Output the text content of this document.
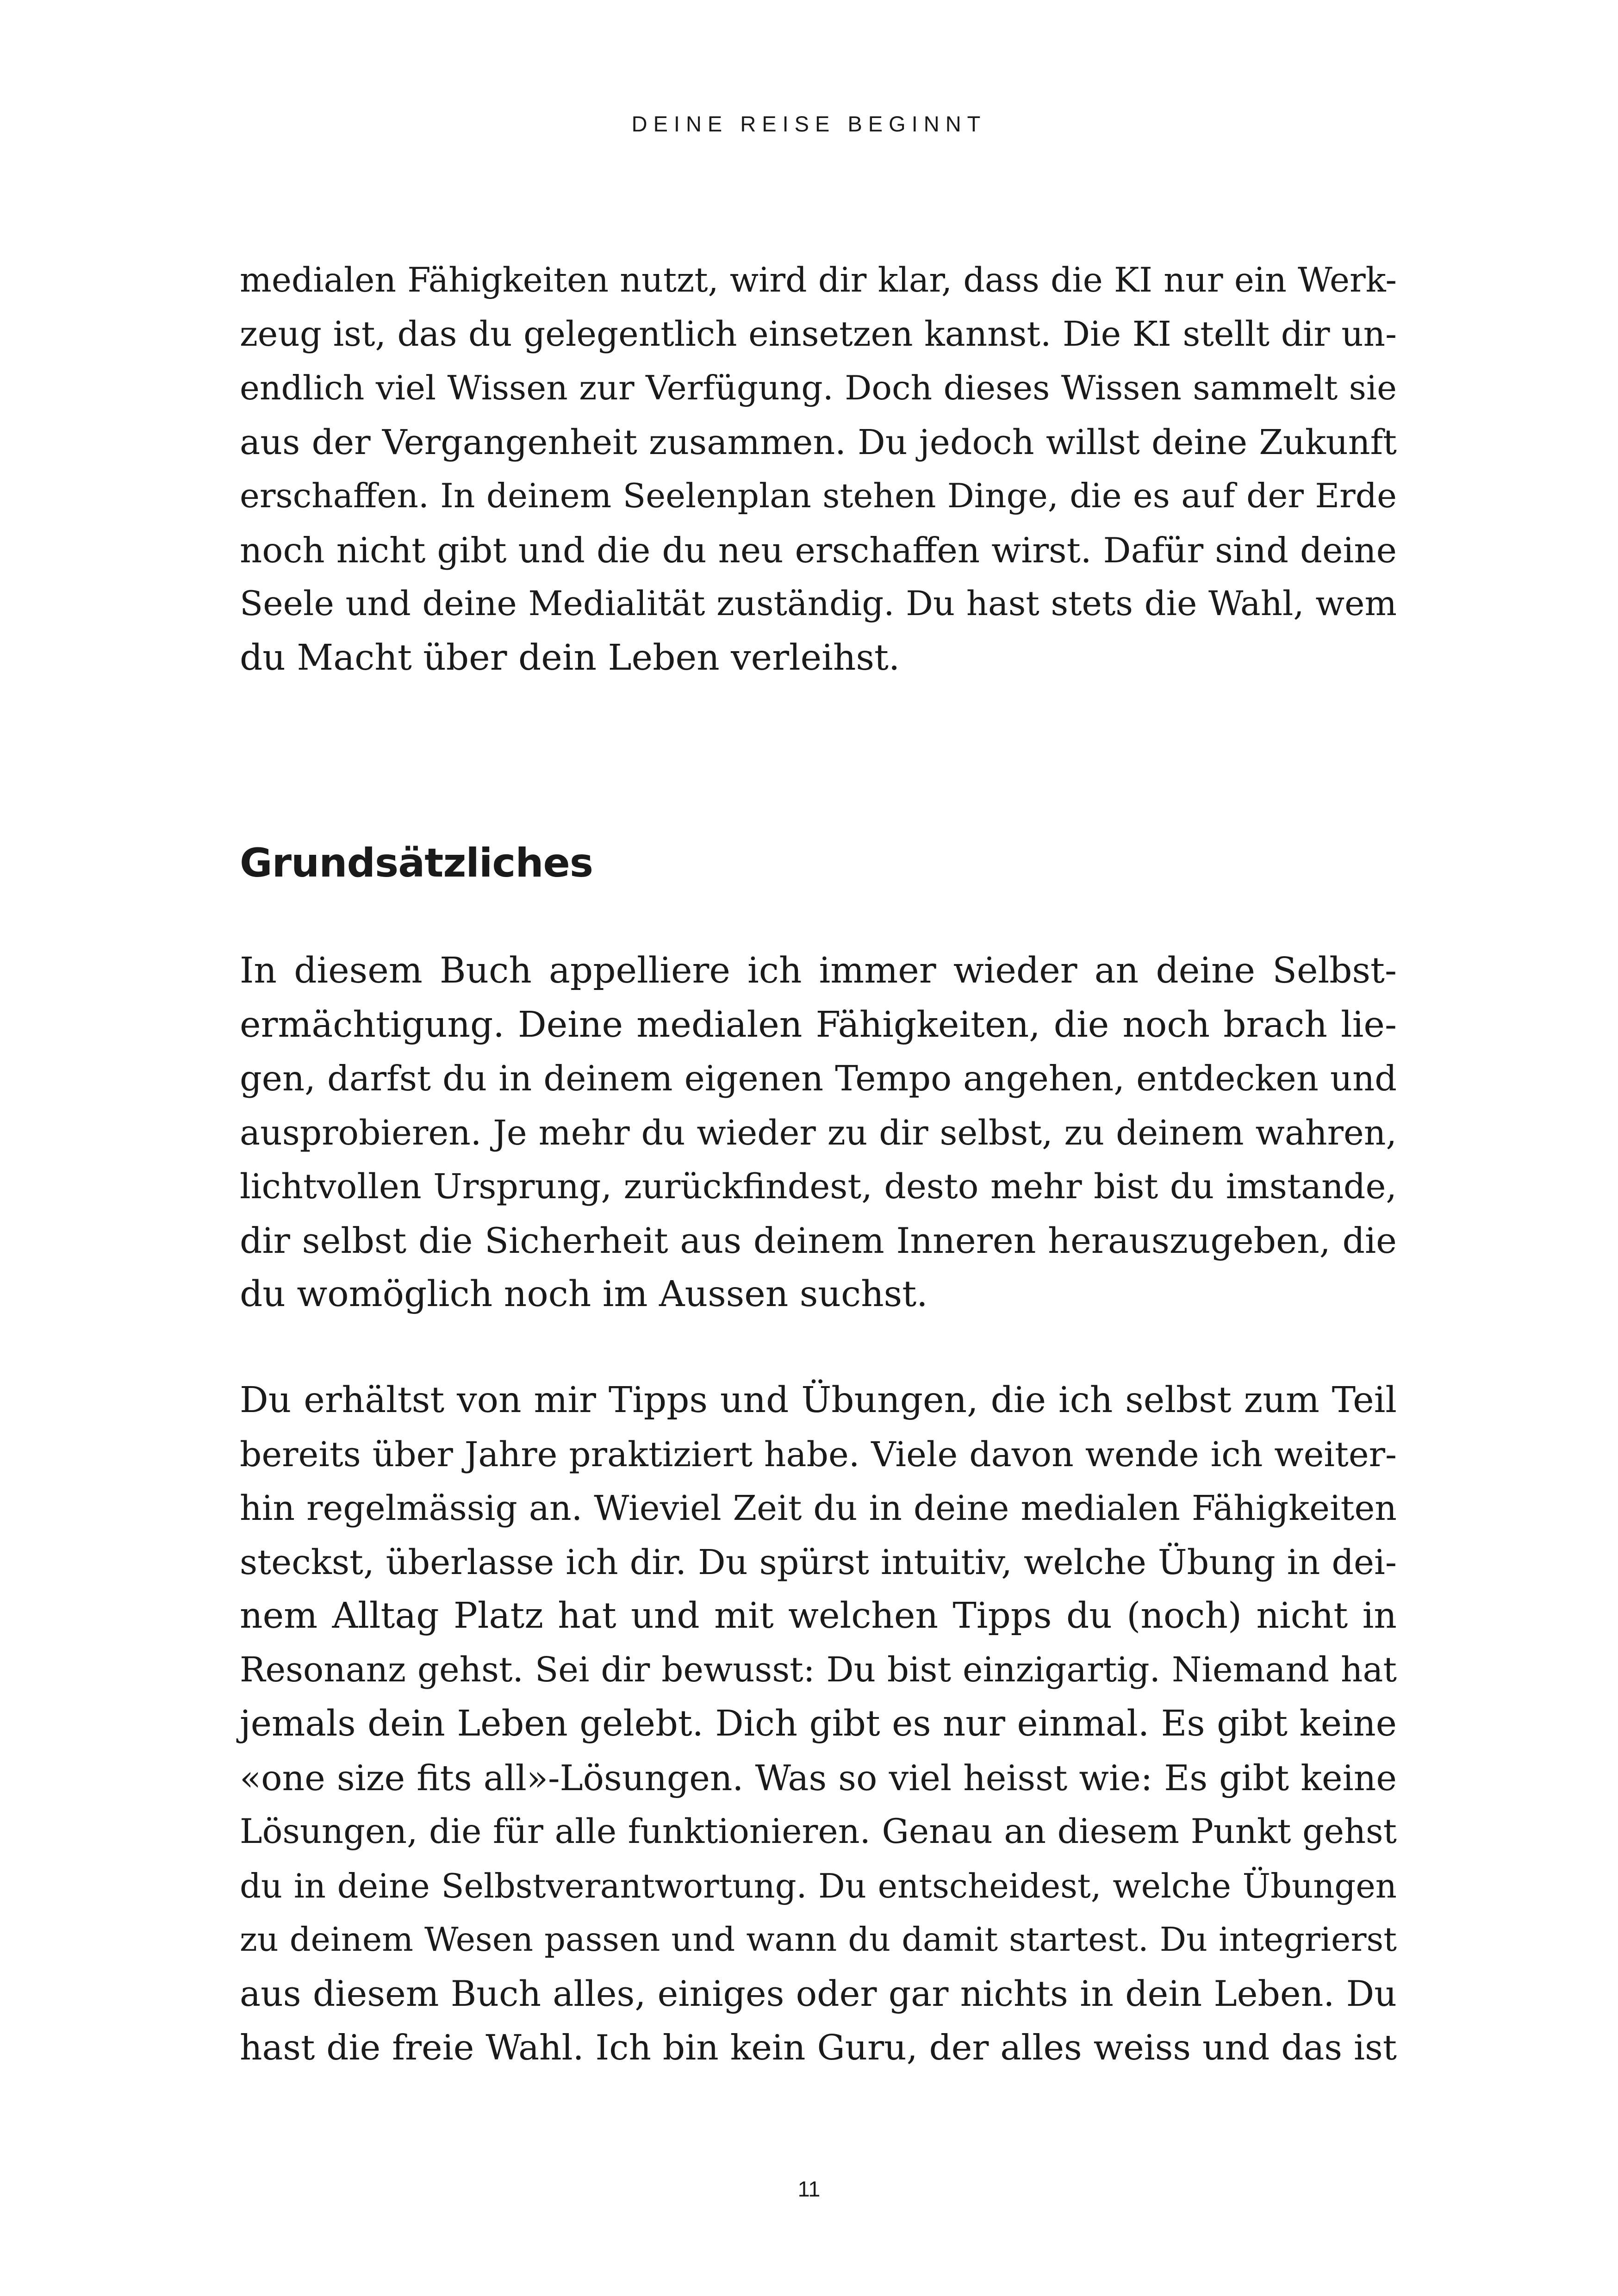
DEINE REISE BEGINNT
medialen Fähigkeiten nutzt, wird dir klar, dass die KI nur ein Werk-
zeug ist, das du gelegentlich einsetzen kannst. Die KI stellt dir un-
endlich viel Wissen zur Verfügung. Doch dieses Wissen sammelt sie
aus der Vergangenheit zusammen. Du jedoch willst deine Zukunft
erschaffen. In deinem Seelenplan stehen Dinge, die es auf der Erde
noch nicht gibt und die du neu erschaffen wirst. Dafür sind deine
Seele und deine Medialität zuständig. Du hast stets die Wahl, wem
du Macht über dein Leben verleihst.
Grundsätzliches
In diesem Buch appelliere ich immer wieder an deine Selbst-
ermächtigung. Deine medialen Fähigkeiten, die noch brach lie-
gen, darfst du in deinem eigenen Tempo angehen, entdecken und
ausprobieren. Je mehr du wieder zu dir selbst, zu deinem wahren,
lichtvollen Ursprung, zurückfindest, desto mehr bist du imstande,
dir selbst die Sicherheit aus deinem Inneren herauszugeben, die
du womöglich noch im Aussen suchst.
Du erhältst von mir Tipps und Übungen, die ich selbst zum Teil
bereits über Jahre praktiziert habe. Viele davon wende ich weiter-
hin regelmässig an. Wieviel Zeit du in deine medialen Fähigkeiten
steckst, überlasse ich dir. Du spürst intuitiv, welche Übung in dei-
nem Alltag Platz hat und mit welchen Tipps du (noch) nicht in
Resonanz gehst. Sei dir bewusst: Du bist einzigartig. Niemand hat
jemals dein Leben gelebt. Dich gibt es nur einmal. Es gibt keine
«one size fits all»-Lösungen. Was so viel heisst wie: Es gibt keine
Lösungen, die für alle funktionieren. Genau an diesem Punkt gehst
du in deine Selbstverantwortung. Du entscheidest, welche Übungen
zu deinem Wesen passen und wann du damit startest. Du integrierst
aus diesem Buch alles, einiges oder gar nichts in dein Leben. Du
hast die freie Wahl. Ich bin kein Guru, der alles weiss und das ist
11
